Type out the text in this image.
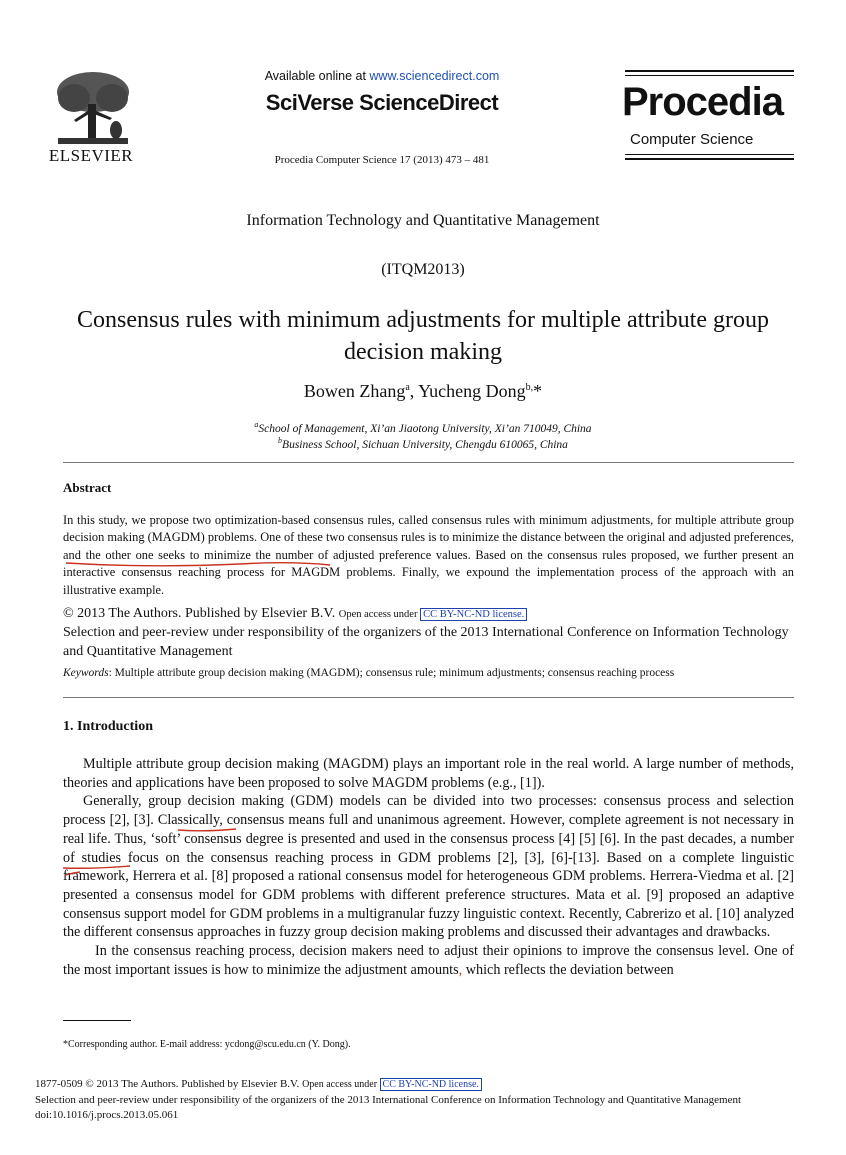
ELSEVIER
Available online at www.sciencedirect.com
SciVerse ScienceDirect
Procedia Computer Science 17 (2013) 473 – 481
Procedia
Computer Science
Information Technology and Quantitative Management
(ITQM2013)
Consensus rules with minimum adjustments for multiple attribute group decision making
Bowen Zhang$^a$, Yucheng Dong$^{b,}$*
$^a$School of Management, Xi’an Jiaotong University, Xi’an 710049, China
$^b$Business School, Sichuan University, Chengdu 610065, China
Abstract
In this study, we propose two optimization-based consensus rules, called consensus rules with minimum adjustments, for multiple attribute group decision making (MAGDM) problems. One of these two consensus rules is to minimize the distance between the original and adjusted preferences, and the other one seeks to minimize the number of adjusted preference values. Based on the consensus rules proposed, we further present an interactive consensus reaching process for MAGDM problems. Finally, we expound the implementation process of the approach with an illustrative example.
© 2013 The Authors. Published by Elsevier B.V. Open access under CC BY-NC-ND license.
Selection and peer-review under responsibility of the organizers of the 2013 International Conference on Information Technology and Quantitative Management
Keywords: Multiple attribute group decision making (MAGDM); consensus rule; minimum adjustments; consensus reaching process
1. Introduction

Multiple attribute group decision making (MAGDM) plays an important role in the real world. A large number of methods, theories and applications have been proposed to solve MAGDM problems (e.g., [1]).

Generally, group decision making (GDM) models can be divided into two processes: consensus process and selection process [2], [3]. Classically, consensus means full and unanimous agreement. However, complete agreement is not necessary in real life. Thus, ‘soft’ consensus degree is presented and used in the consensus process [4] [5] [6]. In the past decades, a number of studies focus on the consensus reaching process in GDM problems [2], [3], [6]-[13]. Based on a complete linguistic framework, Herrera et al. [8] proposed a rational consensus model for heterogeneous GDM problems. Herrera-Viedma et al. [2] presented a consensus model for GDM problems with different preference structures. Mata et al. [9] proposed an adaptive consensus support model for GDM problems in a multigranular fuzzy linguistic context. Recently, Cabrerizo et al. [10] analyzed the different consensus approaches in fuzzy group decision making problems and discussed their advantages and drawbacks.

In the consensus reaching process, decision makers need to adjust their opinions to improve the consensus level. One of the most important issues is how to minimize the adjustment amounts, which reflects the deviation between

*Corresponding author. E-mail address: ycdong@scu.edu.cn (Y. Dong).
1877-0509 © 2013 The Authors. Published by Elsevier B.V. Open access under CC BY-NC-ND license.
Selection and peer-review under responsibility of the organizers of the 2013 International Conference on Information Technology and Quantitative Management
doi:10.1016/j.procs.2013.05.061
